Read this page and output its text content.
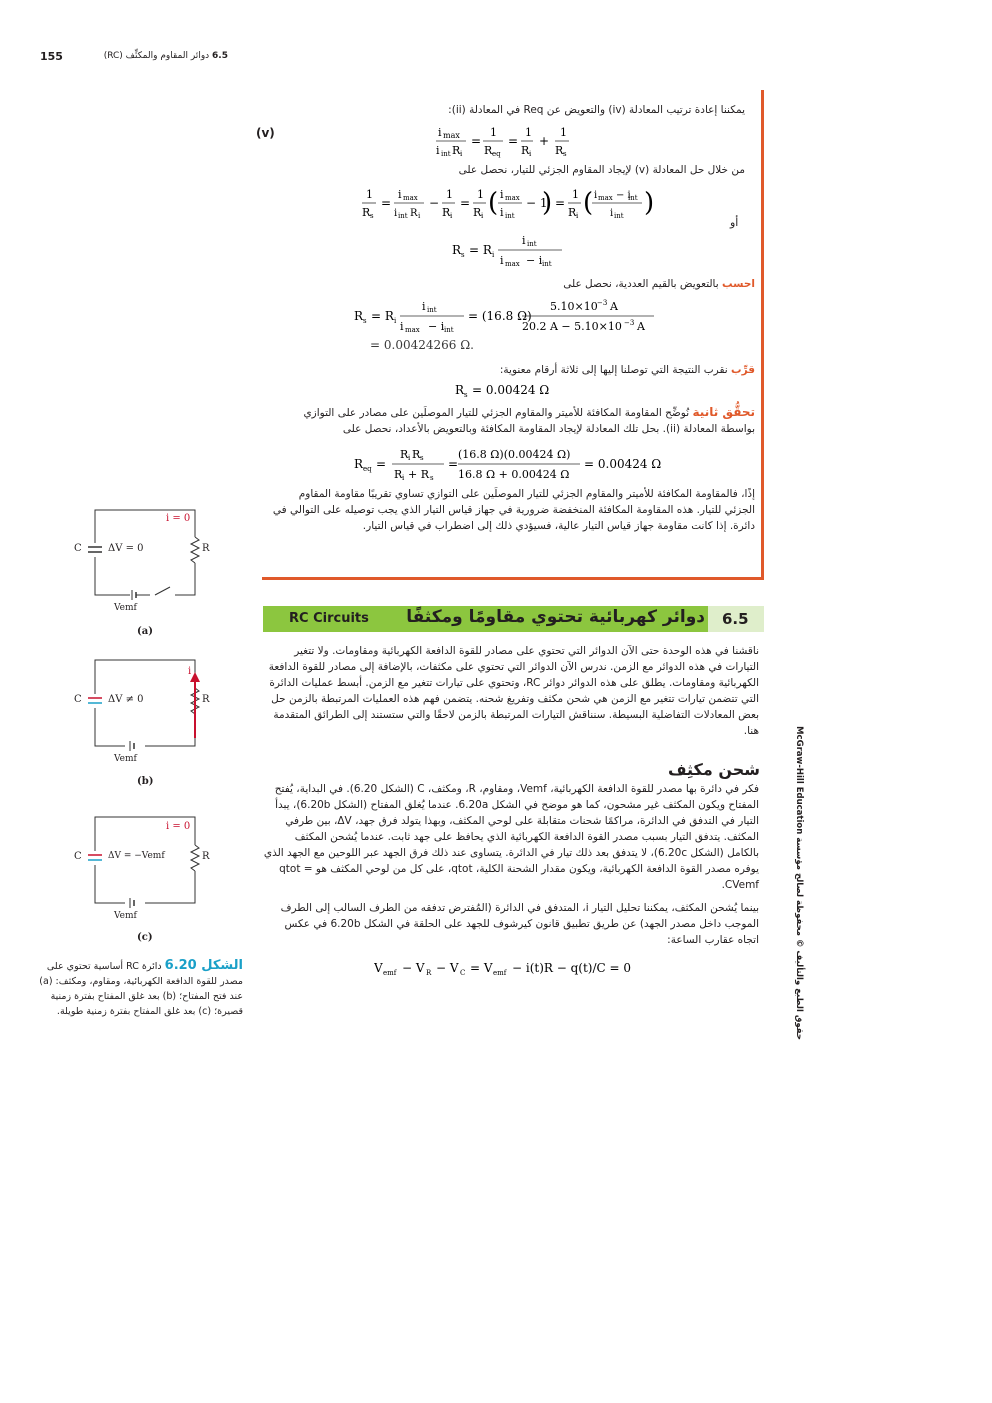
155	6.5 دوائر المقاوم والمكثِّف (RC)
حقوق الطبع والتأليف © محفوظة لصالح مؤسسة McGraw-Hill Education
يمكننا إعادة ترتيب المعادلة (iv) والتعويض عن Req في المعادلة (ii):
(v)	i max
i int R i
=
1
R eq
=
1
R i
+
1
R s
من خلال حل المعادلة (v) لإيجاد المقاوم الجزئي للتيار، نحصل على
1
R s
=
i max
i int R i
−
1
R i
=
1
R i ( i max
i int
− 1
) =
1
R i ( i max − i
int
i int )
أو
R s = R i
i int
i max − i int
احسب بالتعويض بالقيم العددية، نحصل على
R s = R i
i int
i max − i int
= (16.8 Ω)
5.10×10 −3 A
20.2 A − 5.10×10 −3 A
= 0.00424266 Ω.
قرِّب نقرب النتيجة التي توصلنا إليها إلى ثلاثة أرقام معنوية:
R s = 0.00424 Ω
تحقُّق ثانية نُوضِّح المقاومة المكافئة للأميتر والمقاوم الجزئي للتيار الموصلَين على مصادر على التوازي بواسطة المعادلة (ii). بحل تلك المعادلة لإيجاد المقاومة المكافئة وبالتعويض بالأعداد، نحصل على
R eq =
R i R s
R i + R s
=
(16.8 Ω)(0.00424 Ω)
16.8 Ω + 0.00424 Ω
= 0.00424 Ω
إذًا، فالمقاومة المكافئة للأميتر والمقاوم الجزئي للتيار الموصلَين على التوازي تساوي تقريبًا مقاومة المقاوم الجزئي للتيار. هذه المقاومة المكافئة المنخفضة ضرورية في جهاز قياس التيار الذي يجب توصيله على التوالي في دائرة. إذا كانت مقاومة جهاز قياس التيار عالية، فسيؤدي ذلك إلى اضطراب في قياس التيار.
6.5
دوائر كهربائية تحتوي مقاومًا ومكثفًا
RC Circuits
ناقشنا في هذه الوحدة حتى الآن الدوائر التي تحتوي على مصادر للقوة الدافعة الكهربائية ومقاومات. ولا تتغير التيارات في هذه الدوائر مع الزمن. ندرس الآن الدوائر التي تحتوي على مكثفات، بالإضافة إلى مصادر للقوة الدافعة الكهربائية ومقاومات. يطلق على هذه الدوائر دوائر RC، وتحتوي على تيارات تتغير مع الزمن. أبسط عمليات الدائرة التي تتضمن تيارات تتغير مع الزمن هي شحن مكثف وتفريغ شحنه. يتضمن فهم هذه العمليات المرتبطة بالزمن حل بعض المعادلات التفاضلية البسيطة. سنناقش التيارات المرتبطة بالزمن لاحقًا والتي ستستند إلى الطرائق المتقدمة هنا.
شحن مكثِف
فكر في دائرة بها مصدر للقوة الدافعة الكهربائية، Vemf، ومقاوم، R، ومكثف، C (الشكل 6.20). في البداية، يُفتح المفتاح ويكون المكثف غير مشحون، كما هو موضح في الشكل 6.20a. عندما يُغلق المفتاح (الشكل 6.20b)، يبدأ التيار في التدفق في الدائرة، مراكمًا شحنات متقابلة على لوحي المكثف، وبهذا يتولد فرق جهد، ΔV، بين طرفي المكثف. يتدفق التيار بسبب مصدر القوة الدافعة الكهربائية الذي يحافظ على جهد ثابت. عندما يُشحن المكثف بالكامل (الشكل 6.20c)، لا يتدفق بعد ذلك تيار في الدائرة. يتساوى عند ذلك فرق الجهد عبر اللوحين مع الجهد الذي يوفره مصدر القوة الدافعة الكهربائية، ويكون مقدار الشحنة الكلية، qtot، على كل من لوحي المكثف هو qtot = CVemf.
بينما يُشحن المكثف، يمكننا تحليل التيار i، المتدفق في الدائرة (المُفترض تدفقه من الطرف السالب إلى الطرف الموجب داخل مصدر الجهد) عن طريق تطبيق قانون كيرشوف للجهد على الحلقة في الشكل 6.20b في عكس اتجاه عقارب الساعة:
V emf − V R − V C = V emf − i(t)R − q(t)/C = 0
i = 0
C	ΔV = 0	R
Vemf
(a)
i
C	ΔV ≠ 0	R
Vemf
(b)
i = 0
C	ΔV = −Vemf	R
Vemf
(c)
الشكل 6.20 دائرة RC أساسية تحتوي على مصدر للقوة الدافعة الكهربائية، ومقاوم، ومكثف: (a) عند فتح المفتاح؛ (b) بعد غلق المفتاح بفترة زمنية قصيرة؛ (c) بعد غلق المفتاح بفترة زمنية طويلة.
